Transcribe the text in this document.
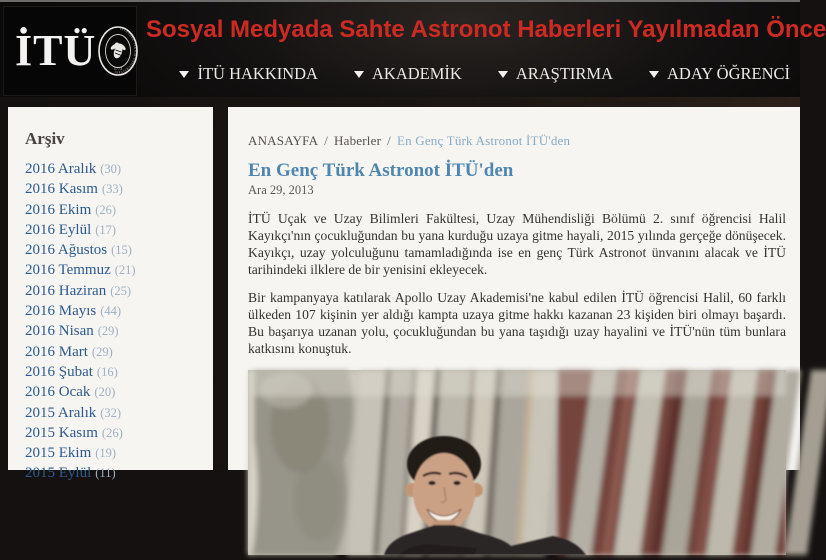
İTÜ	İSTANBUL TEKNİK ÜNİVERSİTESİ
1773
Sosyal Medyada Sahte Astronot Haberleri Yayılmadan Önce
İTÜ HAKKINDA	AKADEMİK	ARAŞTIRMA	ADAY ÖĞRENCİ
Arşiv
2016 Aralık (30)
2016 Kasım (33)
2016 Ekim (26)
2016 Eylül (17)
2016 Ağustos (15)
2016 Temmuz (21)
2016 Haziran (25)
2016 Mayıs (44)
2016 Nisan (29)
2016 Mart (29)
2016 Şubat (16)
2016 Ocak (20)
2015 Aralık (32)
2015 Kasım (26)
2015 Ekim (19)
2015 Eylül (11)
ANASAYFA / Haberler / En Genç Türk Astronot İTÜ'den
En Genç Türk Astronot İTÜ'den
Ara 29, 2013

İTÜ Uçak ve Uzay Bilimleri Fakültesi, Uzay Mühendisliği Bölümü 2. sınıf öğrencisi Halil Kayıkçı'nın çocukluğundan bu yana kurduğu uzaya gitme hayali, 2015 yılında gerçeğe dönüşecek. Kayıkçı, uzay yolculuğunu tamamladığında ise en genç Türk Astronot ünvanını alacak ve İTÜ tarihindeki ilklere de bir yenisini ekleyecek.

Bir kampanyaya katılarak Apollo Uzay Akademisi'ne kabul edilen İTÜ öğrencisi Halil, 60 farklı ülkeden 107 kişinin yer aldığı kampta uzaya gitme hakkı kazanan 23 kişiden biri olmayı başardı. Bu başarıya uzanan yolu, çocukluğundan bu yana taşıdığı uzay hayalini ve İTÜ'nün tüm bunlara katkısını konuştuk.
